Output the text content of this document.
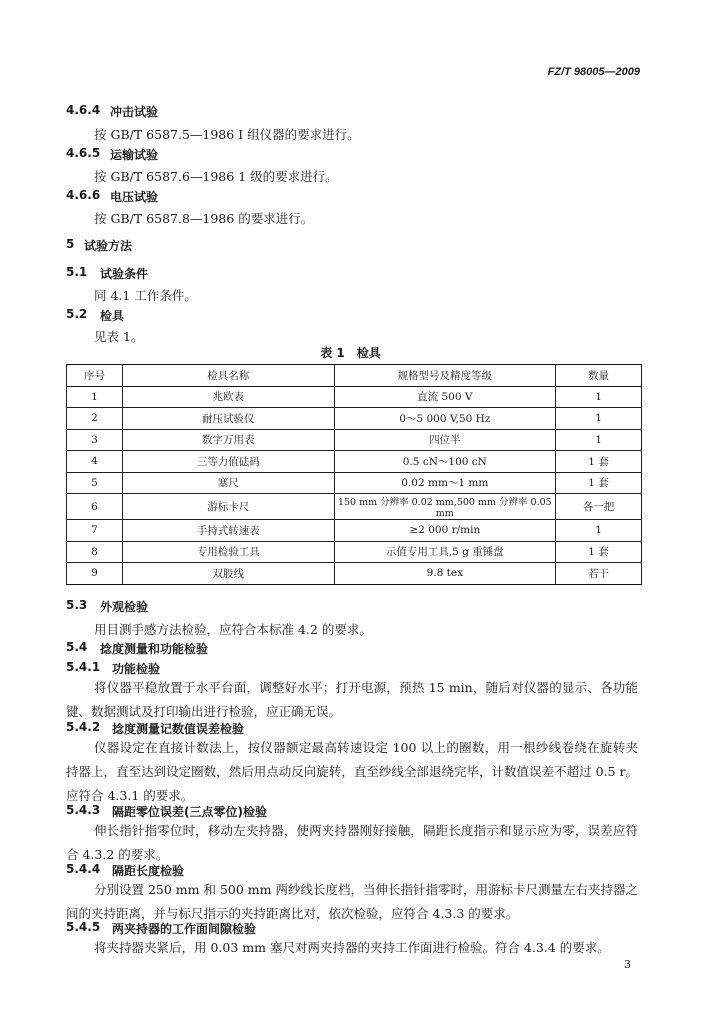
FZ/T 98005—2009
4.6.4 冲击试验
按 GB/T 6587.5—1986 Ⅰ 组仪器的要求进行。
4.6.5 运输试验
按 GB/T 6587.6—1986 1 级的要求进行。
4.6.6 电压试验
按 GB/T 6587.8—1986 的要求进行。
5 试验方法
5.1 试验条件
同 4.1 工作条件。
5.2 检具
见表 1。
表 1　检具
序号	检具名称	规格型号及精度等级	数量
1	兆欧表	直流 500 V	1
2	耐压试验仪	0～5 000 V,50 Hz	1
3	数字万用表	四位半	1
4	三等力值砝码	0.5 cN～100 cN	1 套
5	塞尺	0.02 mm～1 mm	1 套
6	游标卡尺	150 mm 分辨率 0.02 mm,500 mm 分辨率 0.05 mm	各一把
7	手持式转速表	≥2 000 r/min	1
8	专用检验工具	示值专用工具,5 g 重锤盘	1 套
9	双股线	9.8 tex	若干
5.3 外观检验
用目测手感方法检验，应符合本标准 4.2 的要求。
5.4 捻度测量和功能检验
5.4.1 功能检验
将仪器平稳放置于水平台面，调整好水平；打开电源，预热 15 min，随后对仪器的显示、各功能键、数据测试及打印输出进行检验，应正确无误。
5.4.2 捻度测量记数值误差检验
仪器设定在直接计数法上，按仪器额定最高转速设定 100 以上的圈数，用一根纱线卷绕在旋转夹持器上，直至达到设定圈数，然后用点动反向旋转，直至纱线全部退绕完毕，计数值误差不超过 0.5 r。应符合 4.3.1 的要求。
5.4.3 隔距零位误差(三点零位)检验
伸长指针指零位时，移动左夹持器，使两夹持器刚好接触，隔距长度指示和显示应为零，误差应符合 4.3.2 的要求。
5.4.4 隔距长度检验
分别设置 250 mm 和 500 mm 两纱线长度档，当伸长指针指零时，用游标卡尺测量左右夹持器之间的夹持距离，并与标尺指示的夹持距离比对，依次检验，应符合 4.3.3 的要求。
5.4.5 两夹持器的工作面间隙检验
将夹持器夹紧后，用 0.03 mm 塞尺对两夹持器的夹持工作面进行检验。符合 4.3.4 的要求。
3
